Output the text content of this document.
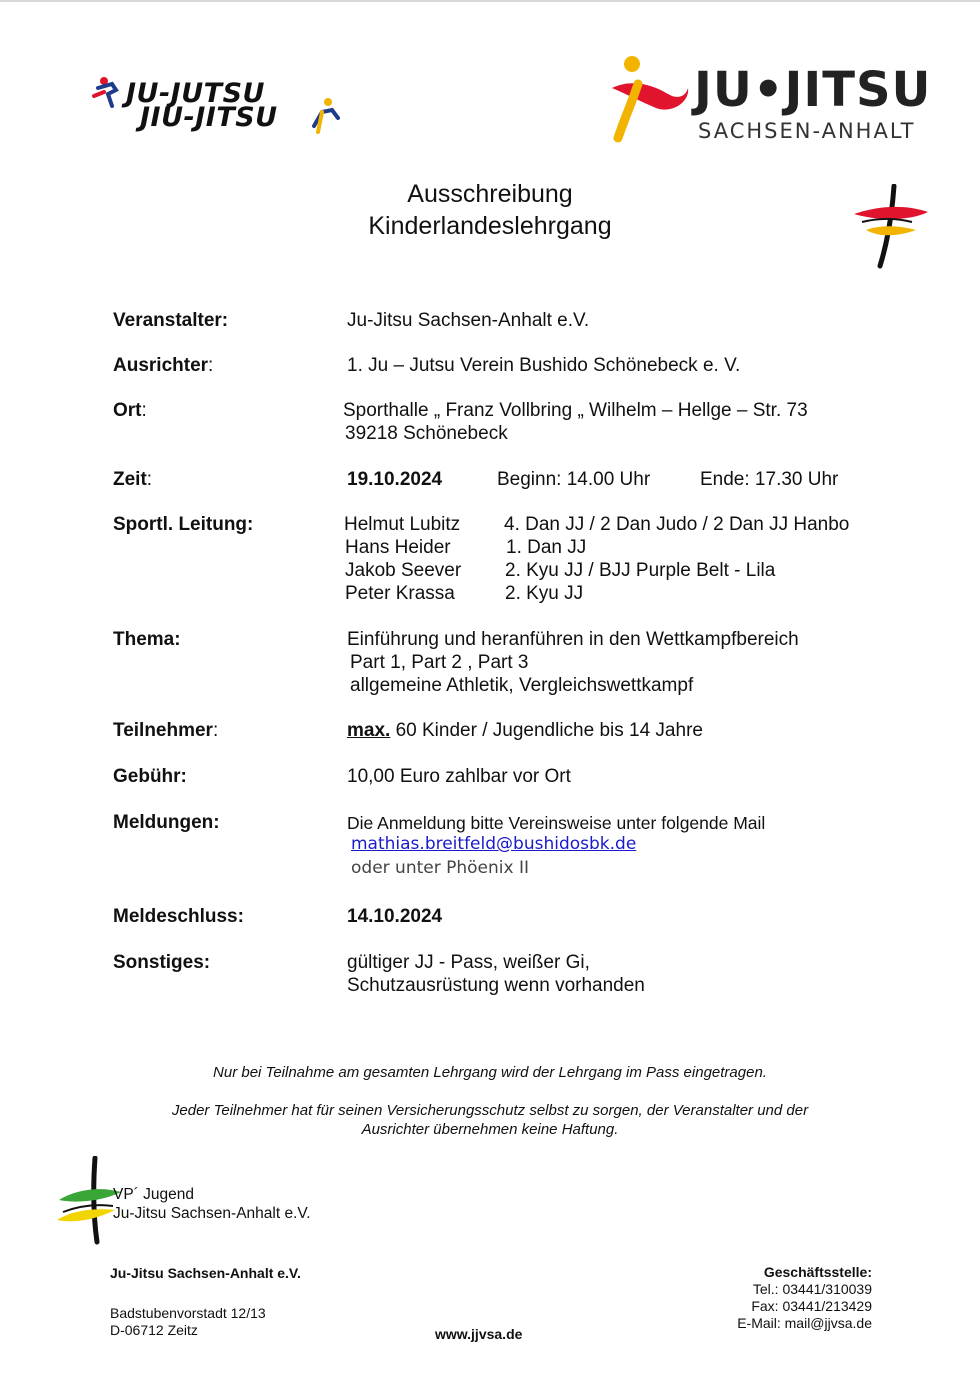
JU-JUTSU
JIU-JITSU	JU•JITSU
SACHSEN-ANHALT
Ausschreibung
Kinderlandeslehrgang
Veranstalter:	Ju-Jitsu Sachsen-Anhalt e.V.
Ausrichter:	1. Ju – Jutsu Verein Bushido Schönebeck e. V.
Ort:	Sporthalle „ Franz Vollbring „ Wilhelm – Hellge – Str. 73
39218 Schönebeck
Zeit:	19.10.2024	Beginn: 14.00 Uhr	Ende: 17.30 Uhr
Sportl. Leitung:	Helmut Lubitz 4. Dan JJ / 2 Dan Judo / 2 Dan JJ Hanbo
Hans Heider	1. Dan JJ
Jakob Seever 2. Kyu JJ / BJJ Purple Belt - Lila
Peter Krassa	2. Kyu JJ
Thema:	Einführung und heranführen in den Wettkampfbereich
Part 1, Part 2 , Part 3
allgemeine Athletik, Vergleichswettkampf
Teilnehmer:	max. 60 Kinder / Jugendliche bis 14 Jahre
Gebühr:	10,00 Euro zahlbar vor Ort
Meldungen:	Die Anmeldung bitte Vereinsweise unter folgende Mail
mathias.breitfeld@bushidosbk.de
oder unter Phöenix II
Meldeschluss:	14.10.2024
Sonstiges:	gültiger JJ - Pass, weißer Gi,
Schutzausrüstung wenn vorhanden
Nur bei Teilnahme am gesamten Lehrgang wird der Lehrgang im Pass eingetragen.
Jeder Teilnehmer hat für seinen Versicherungsschutz selbst zu sorgen, der Veranstalter und der
Ausrichter übernehmen keine Haftung.
VP´ Jugend
Ju-Jitsu Sachsen-Anhalt e.V.
Ju-Jitsu Sachsen-Anhalt e.V.
Badstubenvorstadt 12/13
D-06712 Zeitz	www.jjvsa.de
Geschäftsstelle:
Tel.: 03441/310039
Fax: 03441/213429
E-Mail: mail@jjvsa.de
